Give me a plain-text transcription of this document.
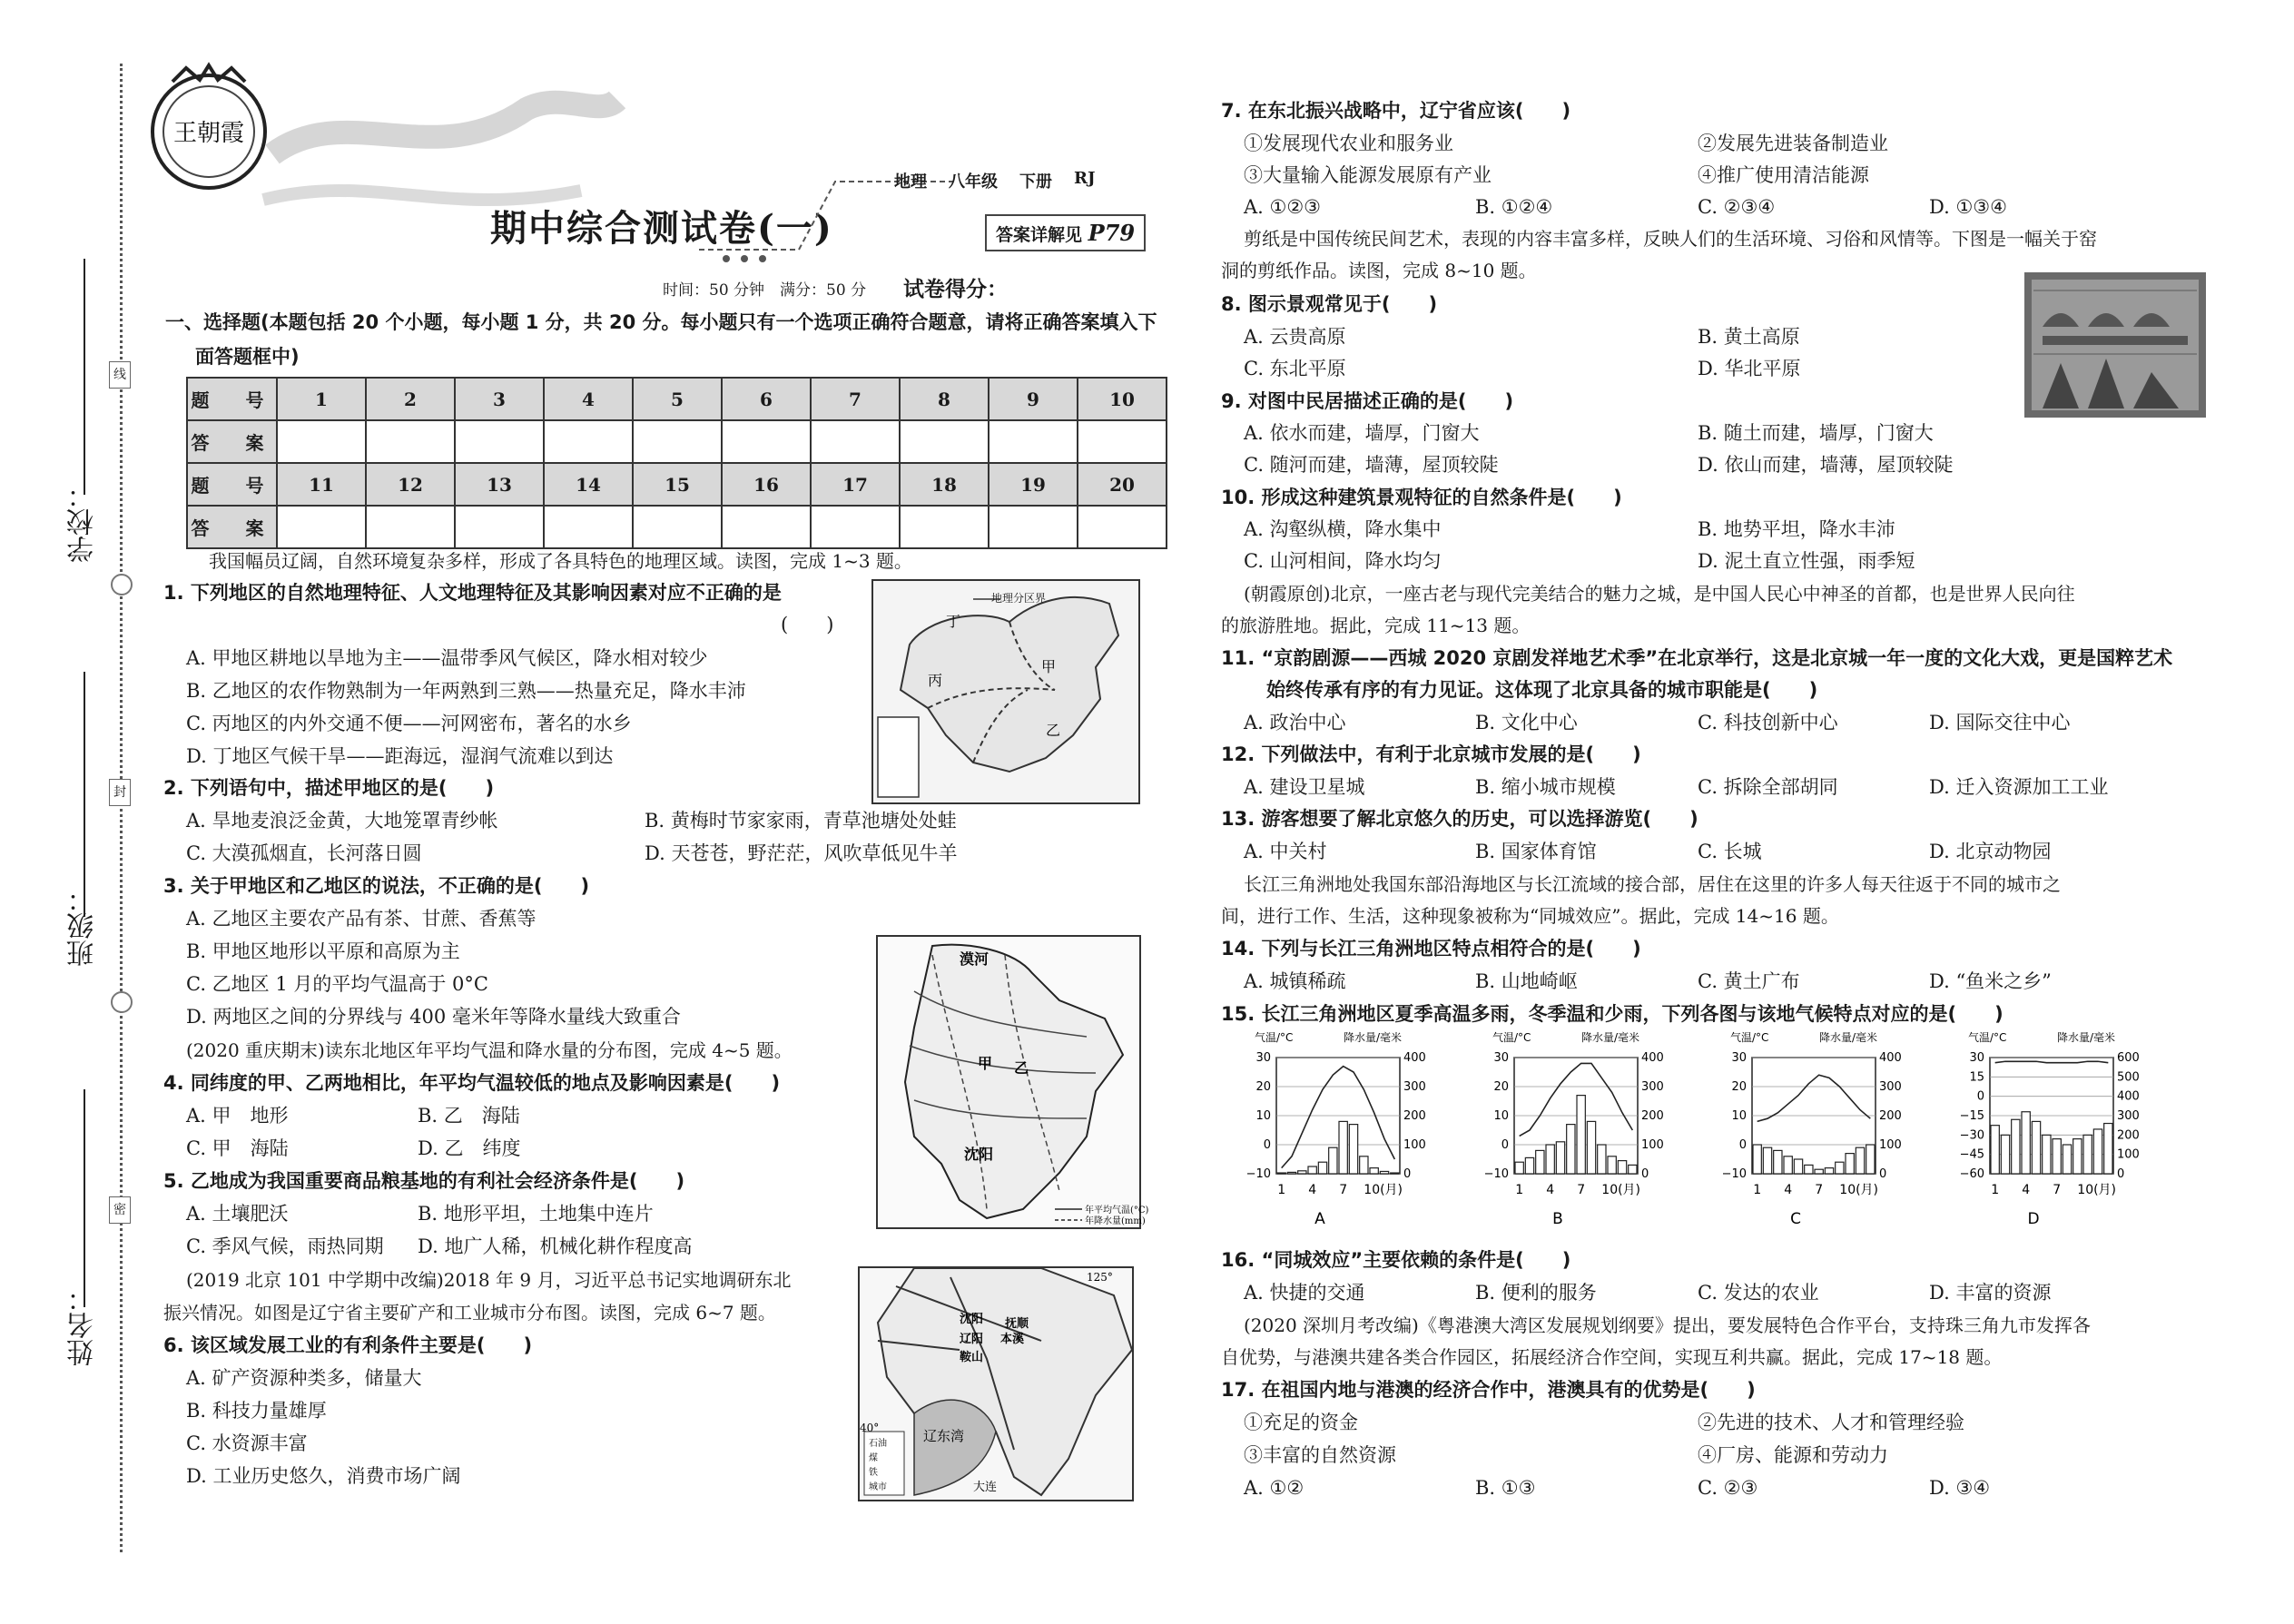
学校：
班级：
姓名：
线
封
密
王朝霞
期中综合测试卷(一)
地理 八年级 下册 RJ
答案详解见 P79
时间：50 分钟　满分：50 分 试卷得分：
一、选择题(本题包括 20 个小题，每小题 1 分，共 20 分。每小题只有一个选项正确符合题意，请将正确答案填入下
面答题框中)
题　号	1	2	3	4	5	6	7	8	9	10
答　案										
题　号	11	12	13	14	15	16	17	18	19	20
答　案										
我国幅员辽阔，自然环境复杂多样，形成了各具特色的地理区域。读图，完成 1~3 题。
1. 下列地区的自然地理特征、人文地理特征及其影响因素对应不正确的是
(　　)
A. 甲地区耕地以旱地为主——温带季风气候区，降水相对较少
B. 乙地区的农作物熟制为一年两熟到三熟——热量充足，降水丰沛
C. 丙地区的内外交通不便——河网密布，著名的水乡
D. 丁地区气候干旱——距海远，湿润气流难以到达
2. 下列语句中，描述甲地区的是(　　)
A. 旱地麦浪泛金黄，大地笼罩青纱帐	B. 黄梅时节家家雨，青草池塘处处蛙
C. 大漠孤烟直，长河落日圆	D. 天苍苍，野茫茫，风吹草低见牛羊
3. 关于甲地区和乙地区的说法，不正确的是(　　)
A. 乙地区主要农产品有茶、甘蔗、香蕉等
B. 甲地区地形以平原和高原为主
C. 乙地区 1 月的平均气温高于 0°C
D. 两地区之间的分界线与 400 毫米年等降水量线大致重合
(2020 重庆期末)读东北地区年平均气温和降水量的分布图，完成 4~5 题。
4. 同纬度的甲、乙两地相比，年平均气温较低的地点及影响因素是(　　)
A. 甲　地形	B. 乙　海陆
C. 甲　海陆	D. 乙　纬度
5. 乙地成为我国重要商品粮基地的有利社会经济条件是(　　)
A. 土壤肥沃	B. 地形平坦，土地集中连片
C. 季风气候，雨热同期 D. 地广人稀，机械化耕作程度高
(2019 北京 101 中学期中改编)2018 年 9 月，习近平总书记实地调研东北
振兴情况。如图是辽宁省主要矿产和工业城市分布图。读图，完成 6~7 题。
6. 该区域发展工业的有利条件主要是(　　)
A. 矿产资源种类多，储量大
B. 科技力量雄厚
C. 水资源丰富
D. 工业历史悠久，消费市场广阔
丁
丙
甲
乙
地理分区界
漠河
甲 乙
沈阳
年平均气温(°C)
年降水量(mm)
沈阳 抚顺
辽阳 本溪
鞍山
辽东湾
大连
125°
40°
石油
煤
铁
城市
7. 在东北振兴战略中，辽宁省应该(　　)
①发展现代农业和服务业	②发展先进装备制造业
③大量输入能源发展原有产业	④推广使用清洁能源
A. ①②③	B. ①②④	C. ②③④	D. ①③④
剪纸是中国传统民间艺术，表现的内容丰富多样，反映人们的生活环境、习俗和风情等。下图是一幅关于窑
洞的剪纸作品。读图，完成 8~10 题。
8. 图示景观常见于(　　)
A. 云贵高原	B. 黄土高原
C. 东北平原	D. 华北平原
9. 对图中民居描述正确的是(　　)
A. 依水而建，墙厚，门窗大	B. 随土而建，墙厚，门窗大
C. 随河而建，墙薄，屋顶较陡	D. 依山而建，墙薄，屋顶较陡
10. 形成这种建筑景观特征的自然条件是(　　)
A. 沟壑纵横，降水集中	B. 地势平坦，降水丰沛
C. 山河相间，降水均匀	D. 泥土直立性强，雨季短
(朝霞原创)北京，一座古老与现代完美结合的魅力之城，是中国人民心中神圣的首都，也是世界人民向往
的旅游胜地。据此，完成 11~13 题。
11. “京韵剧源——西城 2020 京剧发祥地艺术季”在北京举行，这是北京城一年一度的文化大戏，更是国粹艺术
始终传承有序的有力见证。这体现了北京具备的城市职能是(　　)
A. 政治中心	B. 文化中心	C. 科技创新中心	D. 国际交往中心
12. 下列做法中，有利于北京城市发展的是(　　)
A. 建设卫星城	B. 缩小城市规模	C. 拆除全部胡同	D. 迁入资源加工工业
13. 游客想要了解北京悠久的历史，可以选择游览(　　)
A. 中关村	B. 国家体育馆	C. 长城	D. 北京动物园
长江三角洲地处我国东部沿海地区与长江流域的接合部，居住在这里的许多人每天往返于不同的城市之
间，进行工作、生活，这种现象被称为“同城效应”。据此，完成 14~16 题。
14. 下列与长江三角洲地区特点相符合的是(　　)
A. 城镇稀疏	B. 山地崎岖	C. 黄土广布	D. “鱼米之乡”
15. 长江三角洲地区夏季高温多雨，冬季温和少雨，下列各图与该地气候特点对应的是(　　)
气温/°C	降水量/毫米
30
20
10
0
−10
400
300
200
100
0
1 4 7 10(月)
A
气温/°C	降水量/毫米
30
20
10
0
−10
400
300
200
100
0
1 4 7 10(月)
B
气温/°C	降水量/毫米
30
20
10
0
−10
400
300
200
100
0
1 4 7 10(月)
C
气温/°C	降水量/毫米
30
15
0
−15
−30
−45
−60
600
500
400
300
200
100
0
1 4 7 10(月)
D
16. “同城效应”主要依赖的条件是(　　)
A. 快捷的交通	B. 便利的服务	C. 发达的农业	D. 丰富的资源
(2020 深圳月考改编)《粤港澳大湾区发展规划纲要》提出，要发展特色合作平台，支持珠三角九市发挥各
自优势，与港澳共建各类合作园区，拓展经济合作空间，实现互利共赢。据此，完成 17~18 题。
17. 在祖国内地与港澳的经济合作中，港澳具有的优势是(　　)
①充足的资金	②先进的技术、人才和管理经验
③丰富的自然资源	④厂房、能源和劳动力
A. ①②	B. ①③	C. ②③	D. ③④
